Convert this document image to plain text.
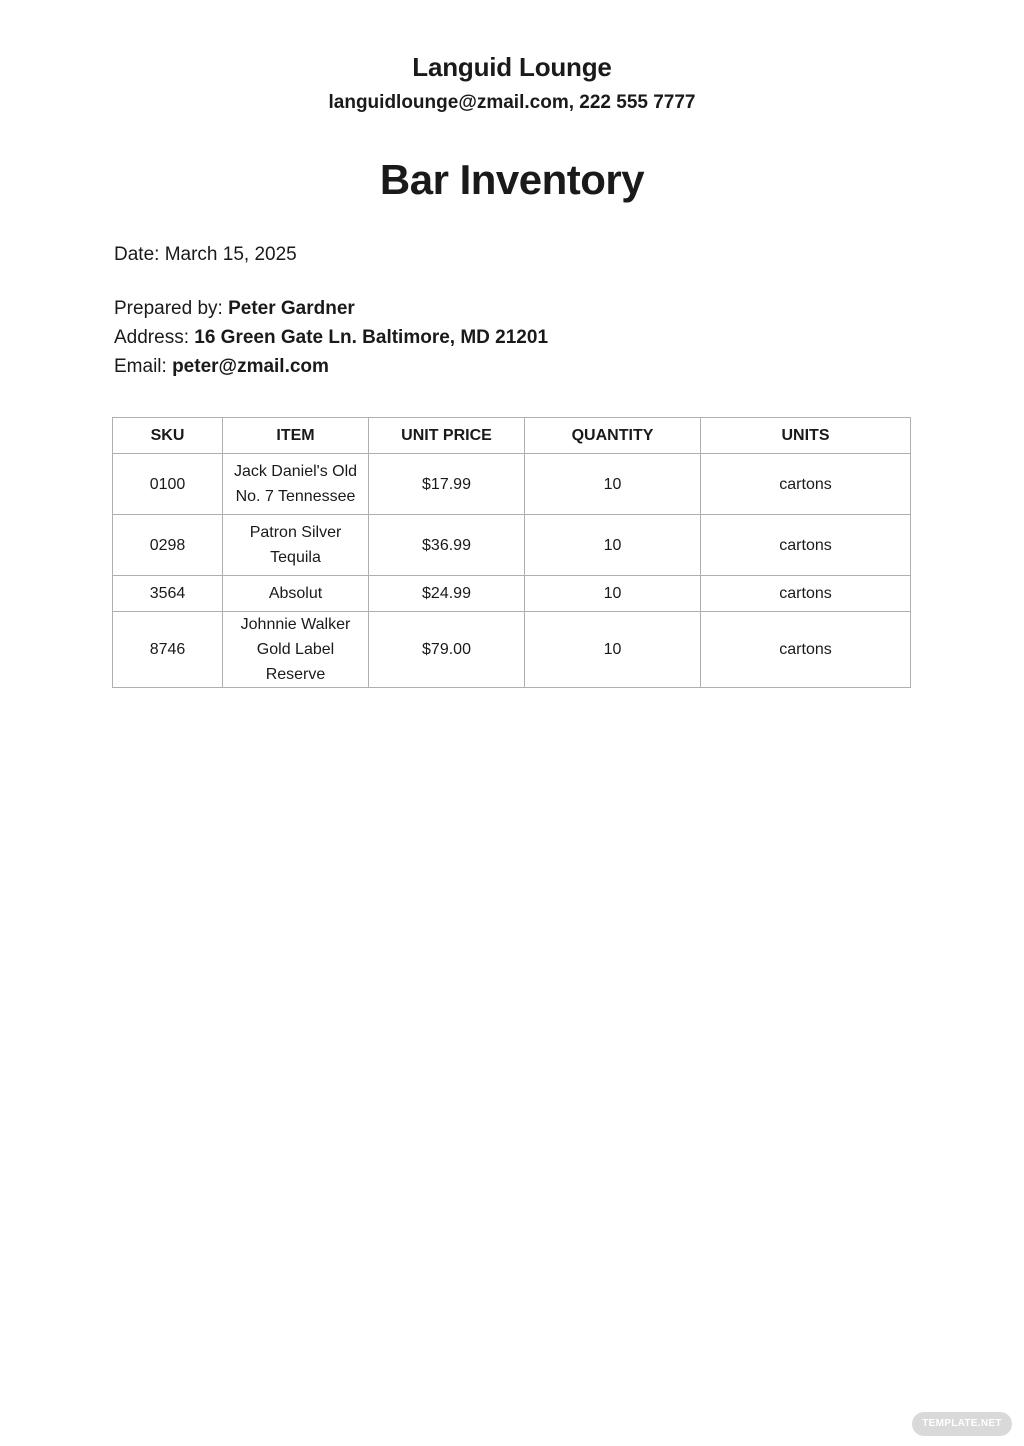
Languid Lounge
languidlounge@zmail.com, 222 555 7777
Bar Inventory
Date: March 15, 2025
Prepared by: Peter Gardner
Address: 16 Green Gate Ln. Baltimore, MD 21201
Email: peter@zmail.com
SKU	ITEM	UNIT PRICE	QUANTITY	UNITS
0100	Jack Daniel's Old No. 7 Tennessee	$17.99	10	cartons
0298	Patron Silver Tequila	$36.99	10	cartons
3564	Absolut	$24.99	10	cartons
8746	Johnnie Walker Gold Label Reserve	$79.00	10	cartons
TEMPLATE.NET
